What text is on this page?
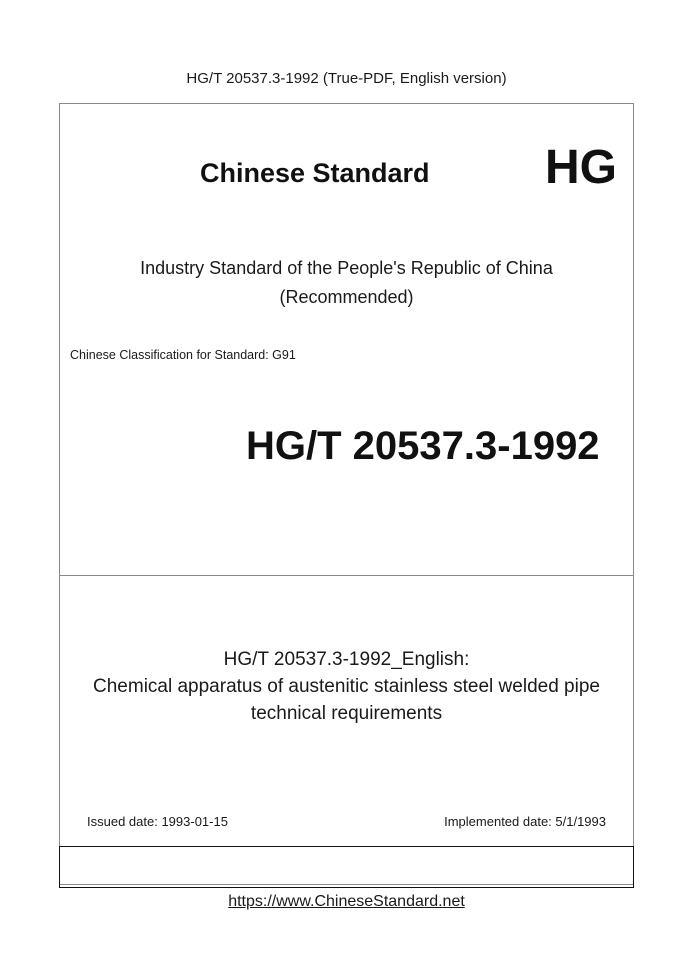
HG/T 20537.3-1992 (True-PDF, English version)
Chinese Standard HG
Industry Standard of the People's Republic of China
(Recommended)
Chinese Classification for Standard: G91
HG/T 20537.3-1992
HG/T 20537.3-1992_English:
Chemical apparatus of austenitic stainless steel welded pipe
technical requirements
Issued date: 1993-01-15	Implemented date: 5/1/1993
https://www.ChineseStandard.net
